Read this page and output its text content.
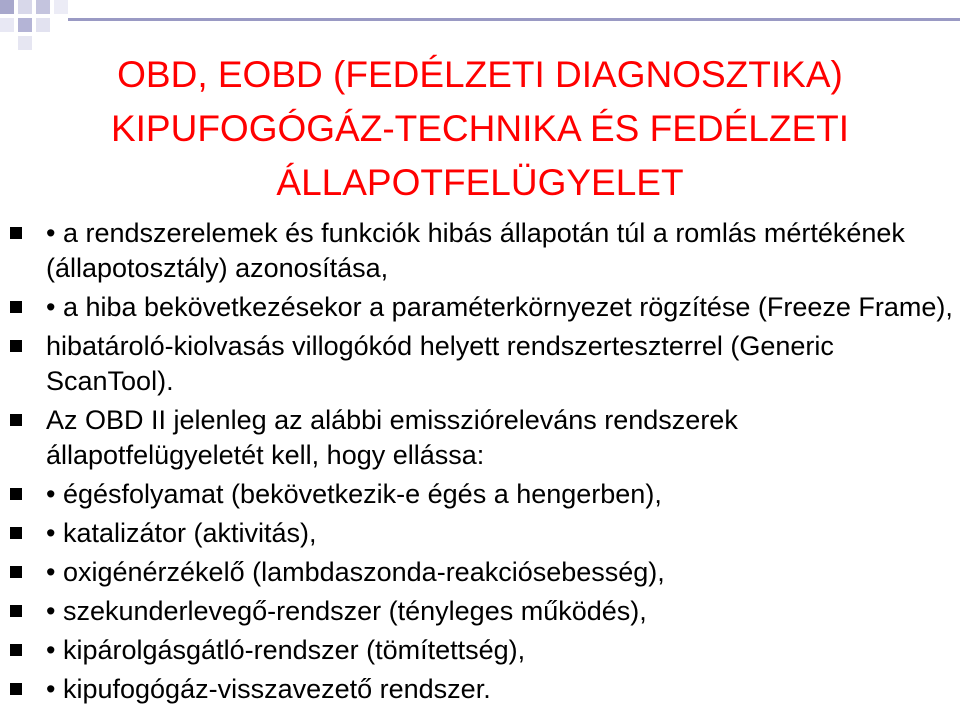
OBD, EOBD (FEDÉLZETI DIAGNOSZTIKA)
KIPUFOGÓGÁZ-TECHNIKA ÉS FEDÉLZETI
ÁLLAPOTFELÜGYELET
• a rendszerelemek és funkciók hibás állapotán túl a romlás mértékének (állapotosztály) azonosítása,
• a hiba bekövetkezésekor a paraméterkörnyezet rögzítése (Freeze Frame),
hibatároló-kiolvasás villogókód helyett rendszerteszterrel (Generic ScanTool).
Az OBD II jelenleg az alábbi emisszióreleváns rendszerek állapotfelügyeletét kell, hogy ellássa:
• égésfolyamat (bekövetkezik-e égés a hengerben),
• katalizátor (aktivitás),
• oxigénérzékelő (lambdaszonda-reakciósebesség),
• szekunderlevegő-rendszer (tényleges működés),
• kipárolgásgátló-rendszer (tömítettség),
• kipufogógáz-visszavezető rendszer.
